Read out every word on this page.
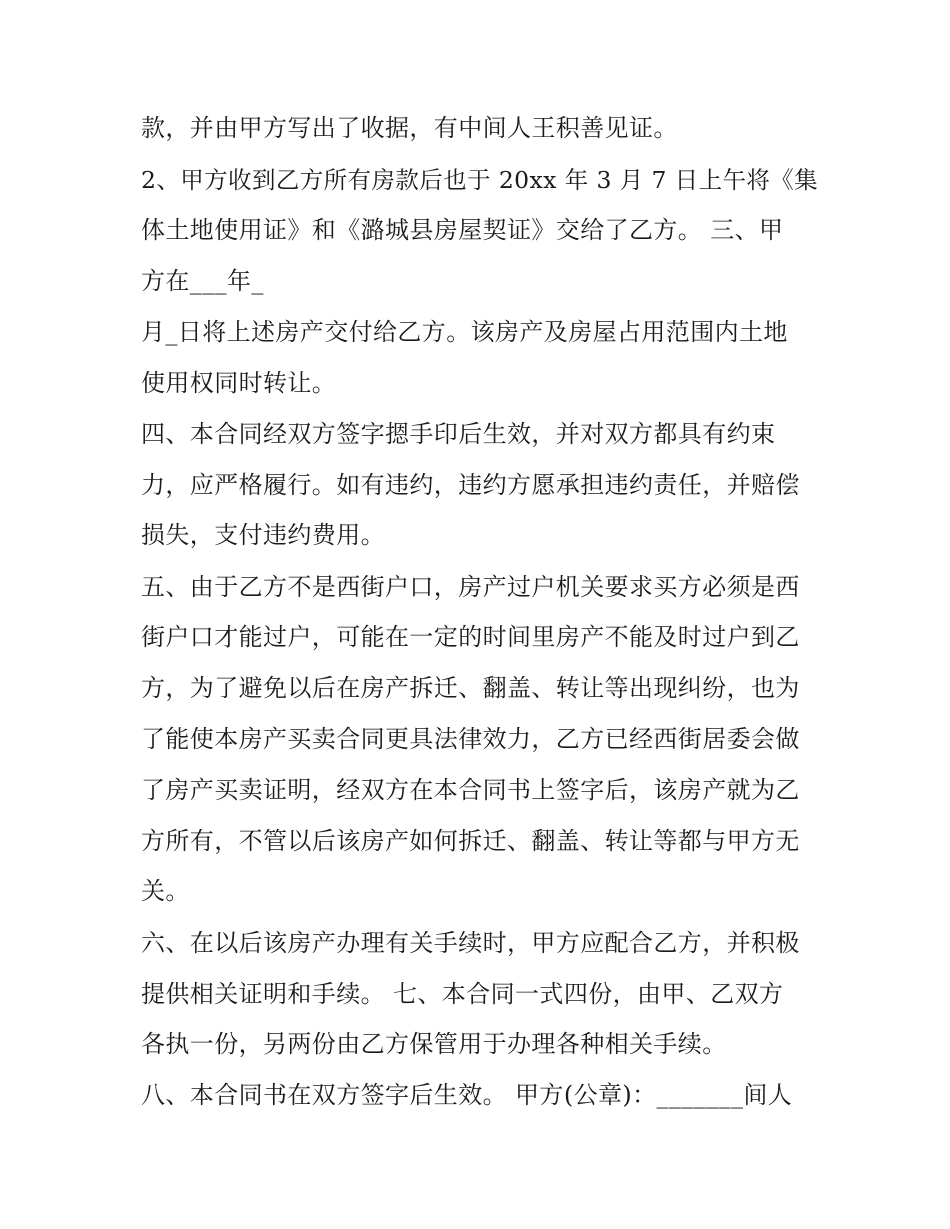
款，并由甲方写出了收据，有中间人王积善见证。
2、甲方收到乙方所有房款后也于 20xx 年 3 月 7 日上午将《集
体土地使用证》和《潞城县房屋契证》交给了乙方。 三、甲
方在___年_
月_日将上述房产交付给乙方。该房产及房屋占用范围内土地
使用权同时转让。
四、本合同经双方签字摁手印后生效，并对双方都具有约束
力，应严格履行。如有违约，违约方愿承担违约责任，并赔偿
损失，支付违约费用。
五、由于乙方不是西街户口，房产过户机关要求买方必须是西
街户口才能过户，可能在一定的时间里房产不能及时过户到乙
方，为了避免以后在房产拆迁、翻盖、转让等出现纠纷，也为
了能使本房产买卖合同更具法律效力，乙方已经西街居委会做
了房产买卖证明，经双方在本合同书上签字后，该房产就为乙
方所有，不管以后该房产如何拆迁、翻盖、转让等都与甲方无
关。
六、在以后该房产办理有关手续时，甲方应配合乙方，并积极
提供相关证明和手续。 七、本合同一式四份，由甲、乙双方
各执一份，另两份由乙方保管用于办理各种相关手续。
八、本合同书在双方签字后生效。 甲方(公章)：_______间人
